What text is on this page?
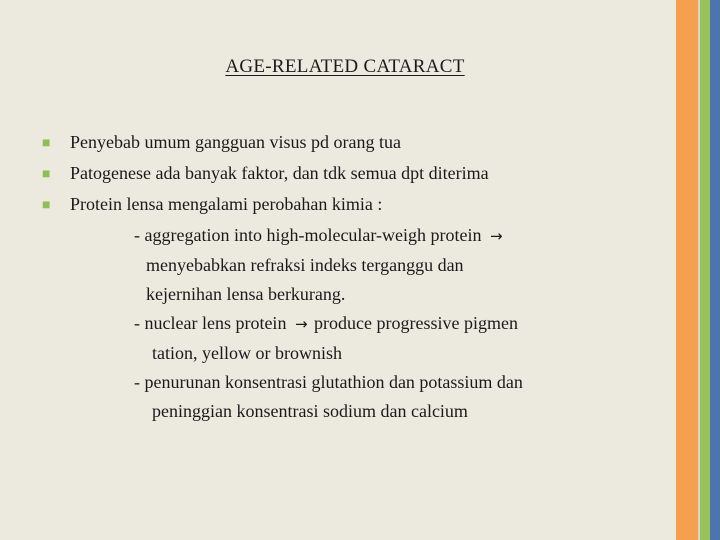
AGE-RELATED CATARACT
■	Penyebab umum gangguan visus pd orang tua
■	Patogenese ada banyak faktor, dan tdk semua dpt diterima
■	Protein lensa mengalami perobahan kimia :
- aggregation into high-molecular-weigh protein →
menyebabkan refraksi indeks terganggu dan
kejernihan lensa berkurang.
- nuclear lens protein → produce progressive pigmen
tation, yellow or brownish
- penurunan konsentrasi glutathion dan potassium dan
peninggian konsentrasi sodium dan calcium
